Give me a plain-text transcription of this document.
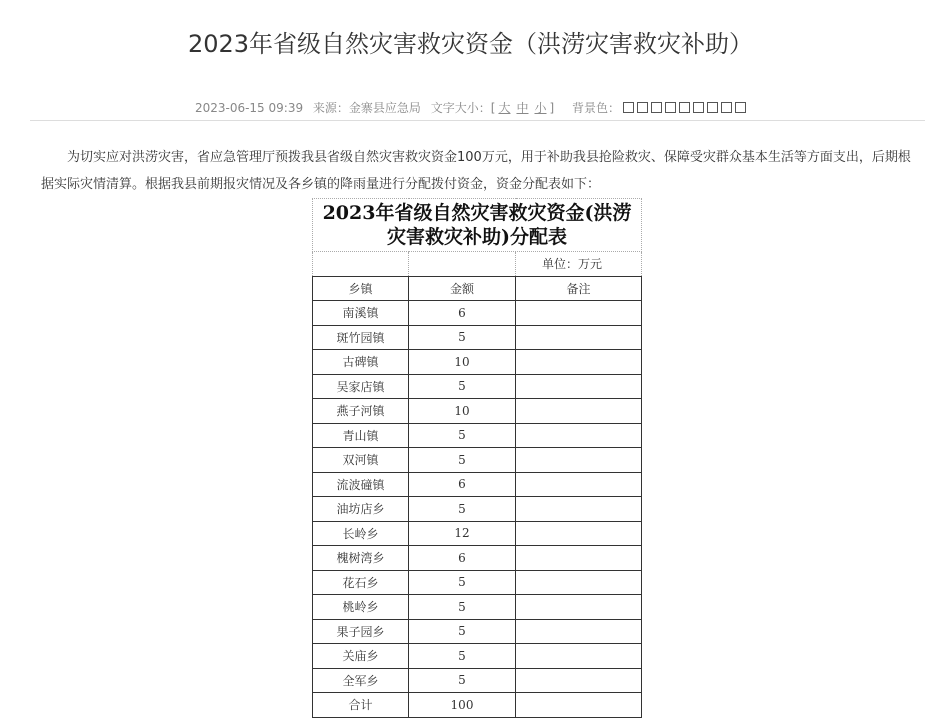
2023年省级自然灾害救灾资金（洪涝灾害救灾补助）
2023-06-15 09:39 来源：金寨县应急局 文字大小：[ 大 中 小 ] 背景色：
为切实应对洪涝灾害，省应急管理厅预拨我县省级自然灾害救灾资金100万元，用于补助我县抢险救灾、保障受灾群众基本生活等方面支出，后期根据实际灾情清算。根据我县前期报灾情况及各乡镇的降雨量进行分配拨付资金，资金分配表如下：
2023年省级自然灾害救灾资金(洪涝灾害救灾补助)分配表		
		单位：万元
乡镇	金额	备注
南溪镇	6	
斑竹园镇	5	
古碑镇	10	
吴家店镇	5	
燕子河镇	10	
青山镇	5	
双河镇	5	
流波䃥镇	6	
油坊店乡	5	
长岭乡	12	
槐树湾乡	6	
花石乡	5	
桃岭乡	5	
果子园乡	5	
关庙乡	5	
全军乡	5	
合计	100	
